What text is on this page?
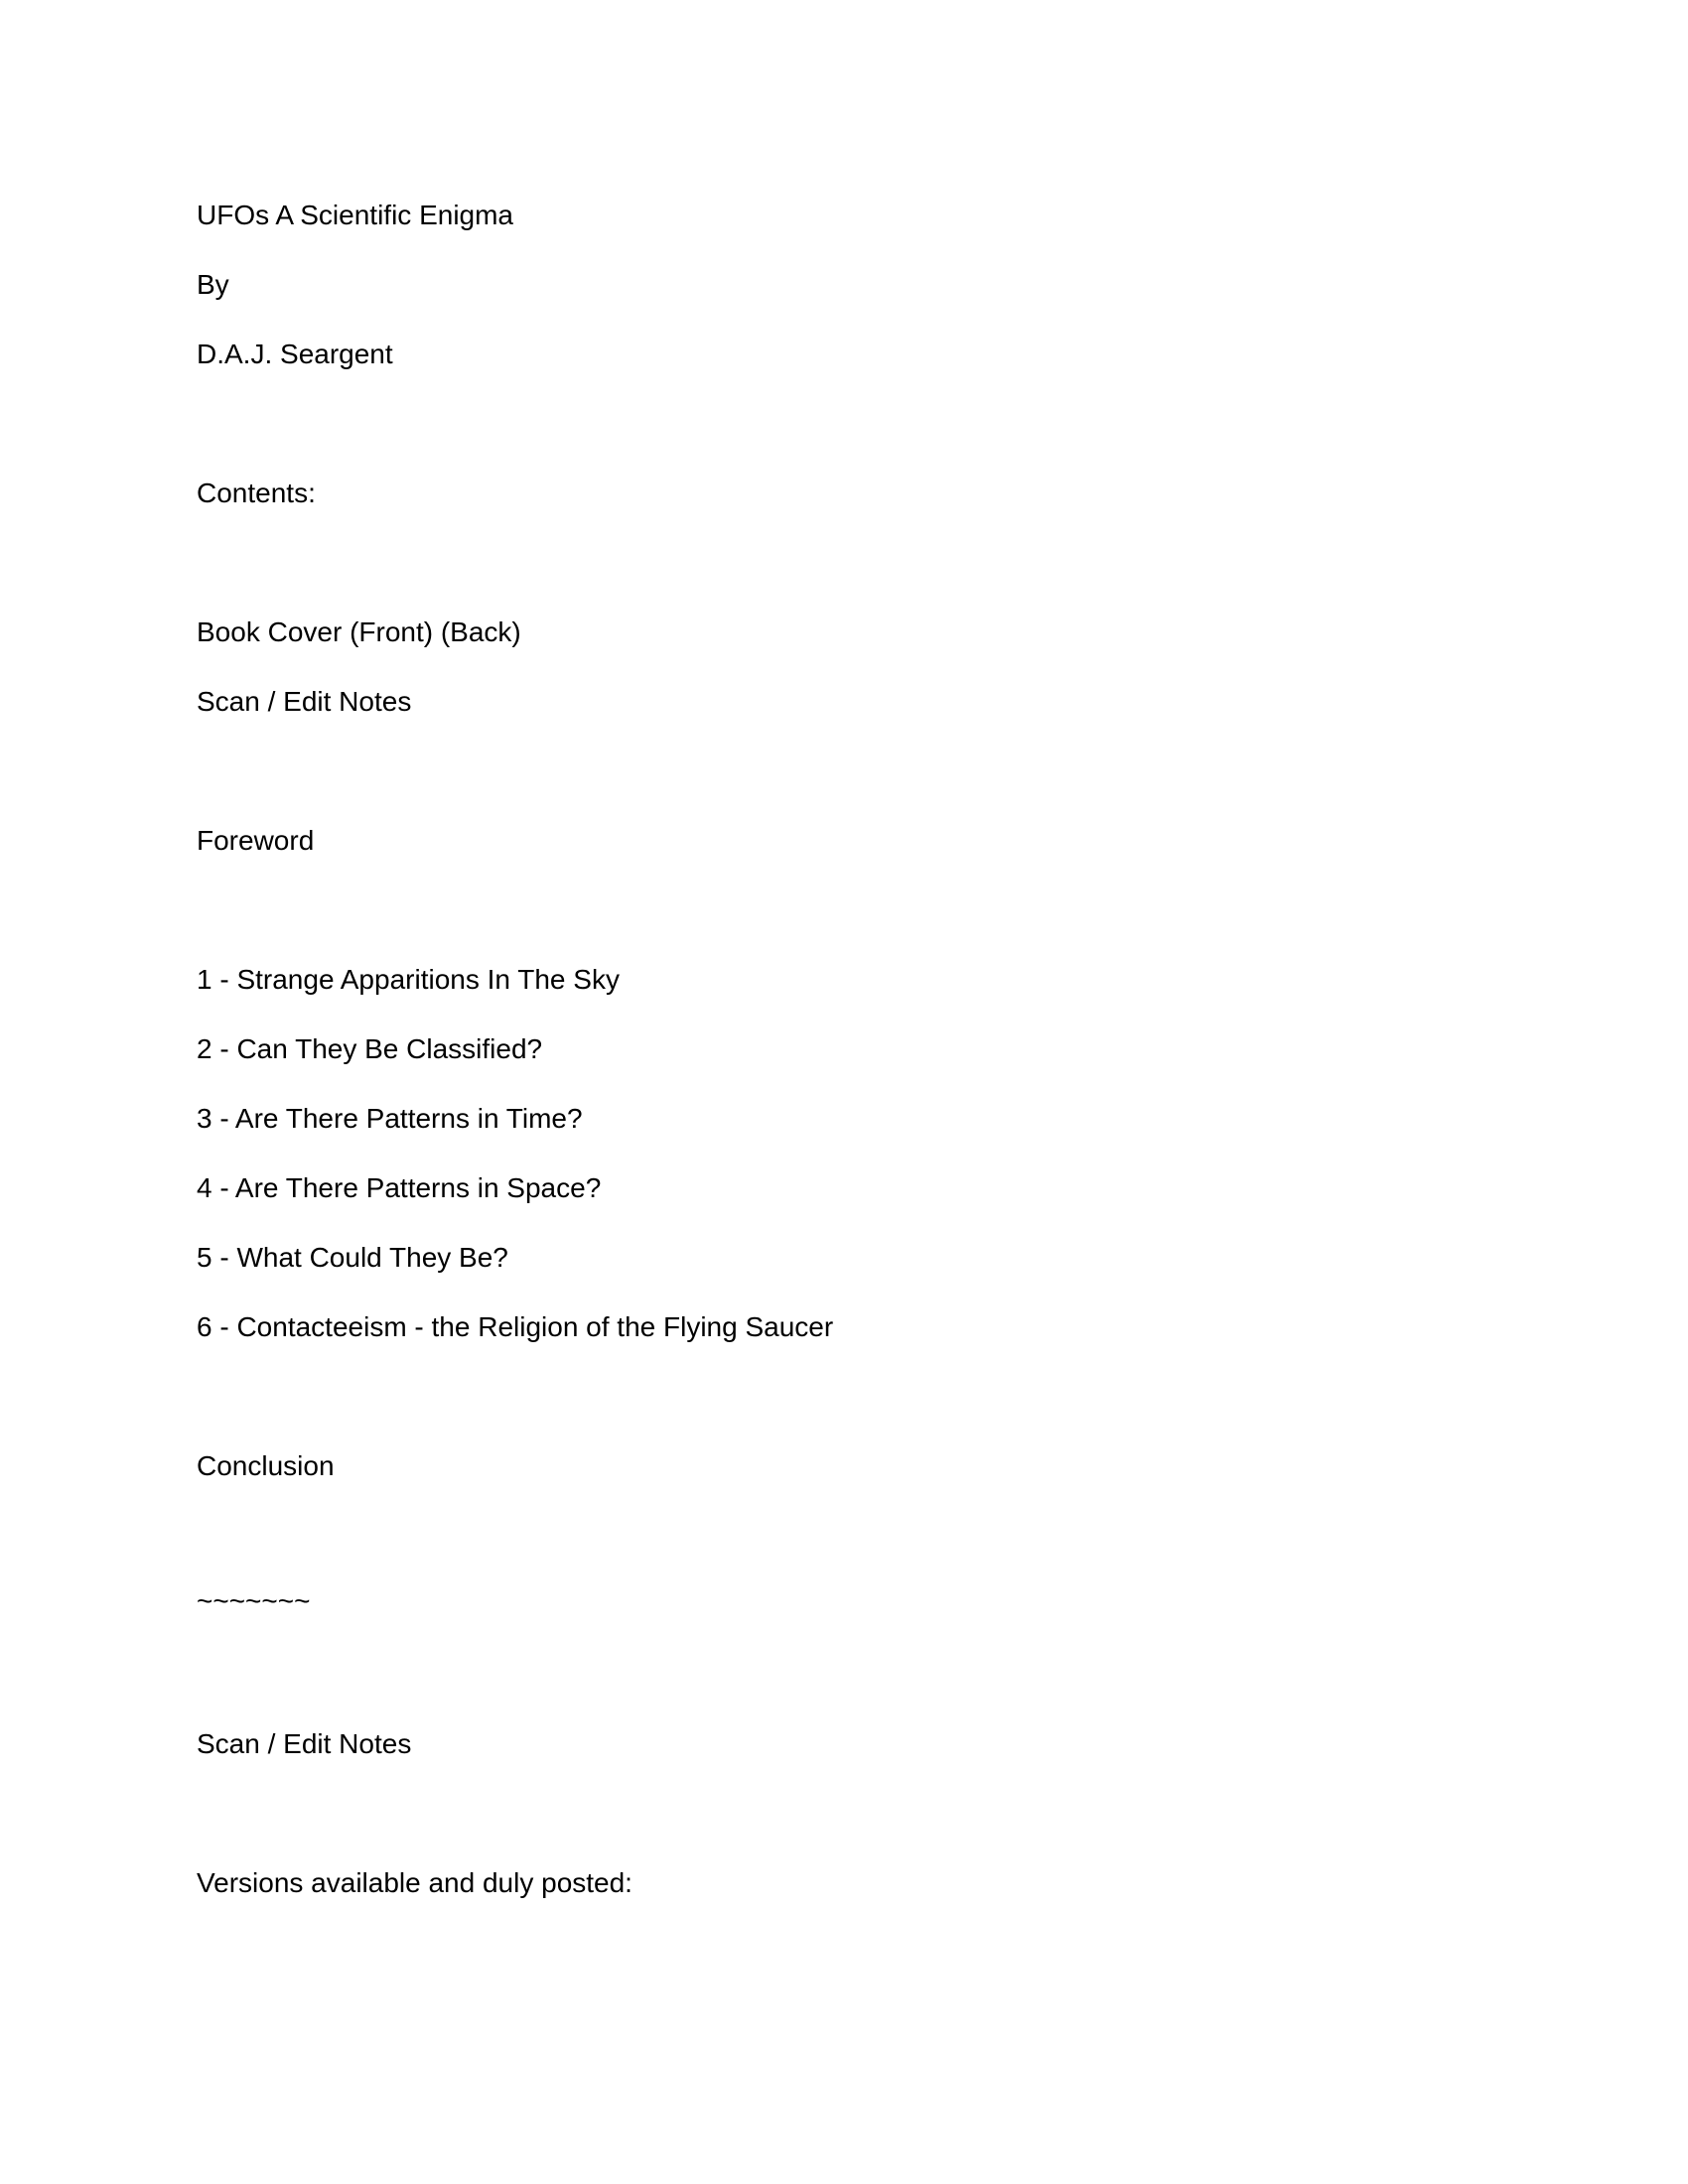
UFOs A Scientific Enigma
By
D.A.J. Seargent
Contents:
Book Cover (Front) (Back)
Scan / Edit Notes
Foreword
1 - Strange Apparitions In The Sky
2 - Can They Be Classified?
3 - Are There Patterns in Time?
4 - Are There Patterns in Space?
5 - What Could They Be?
6 - Contacteeism - the Religion of the Flying Saucer
Conclusion
~~~~~~~
Scan / Edit Notes
Versions available and duly posted:
